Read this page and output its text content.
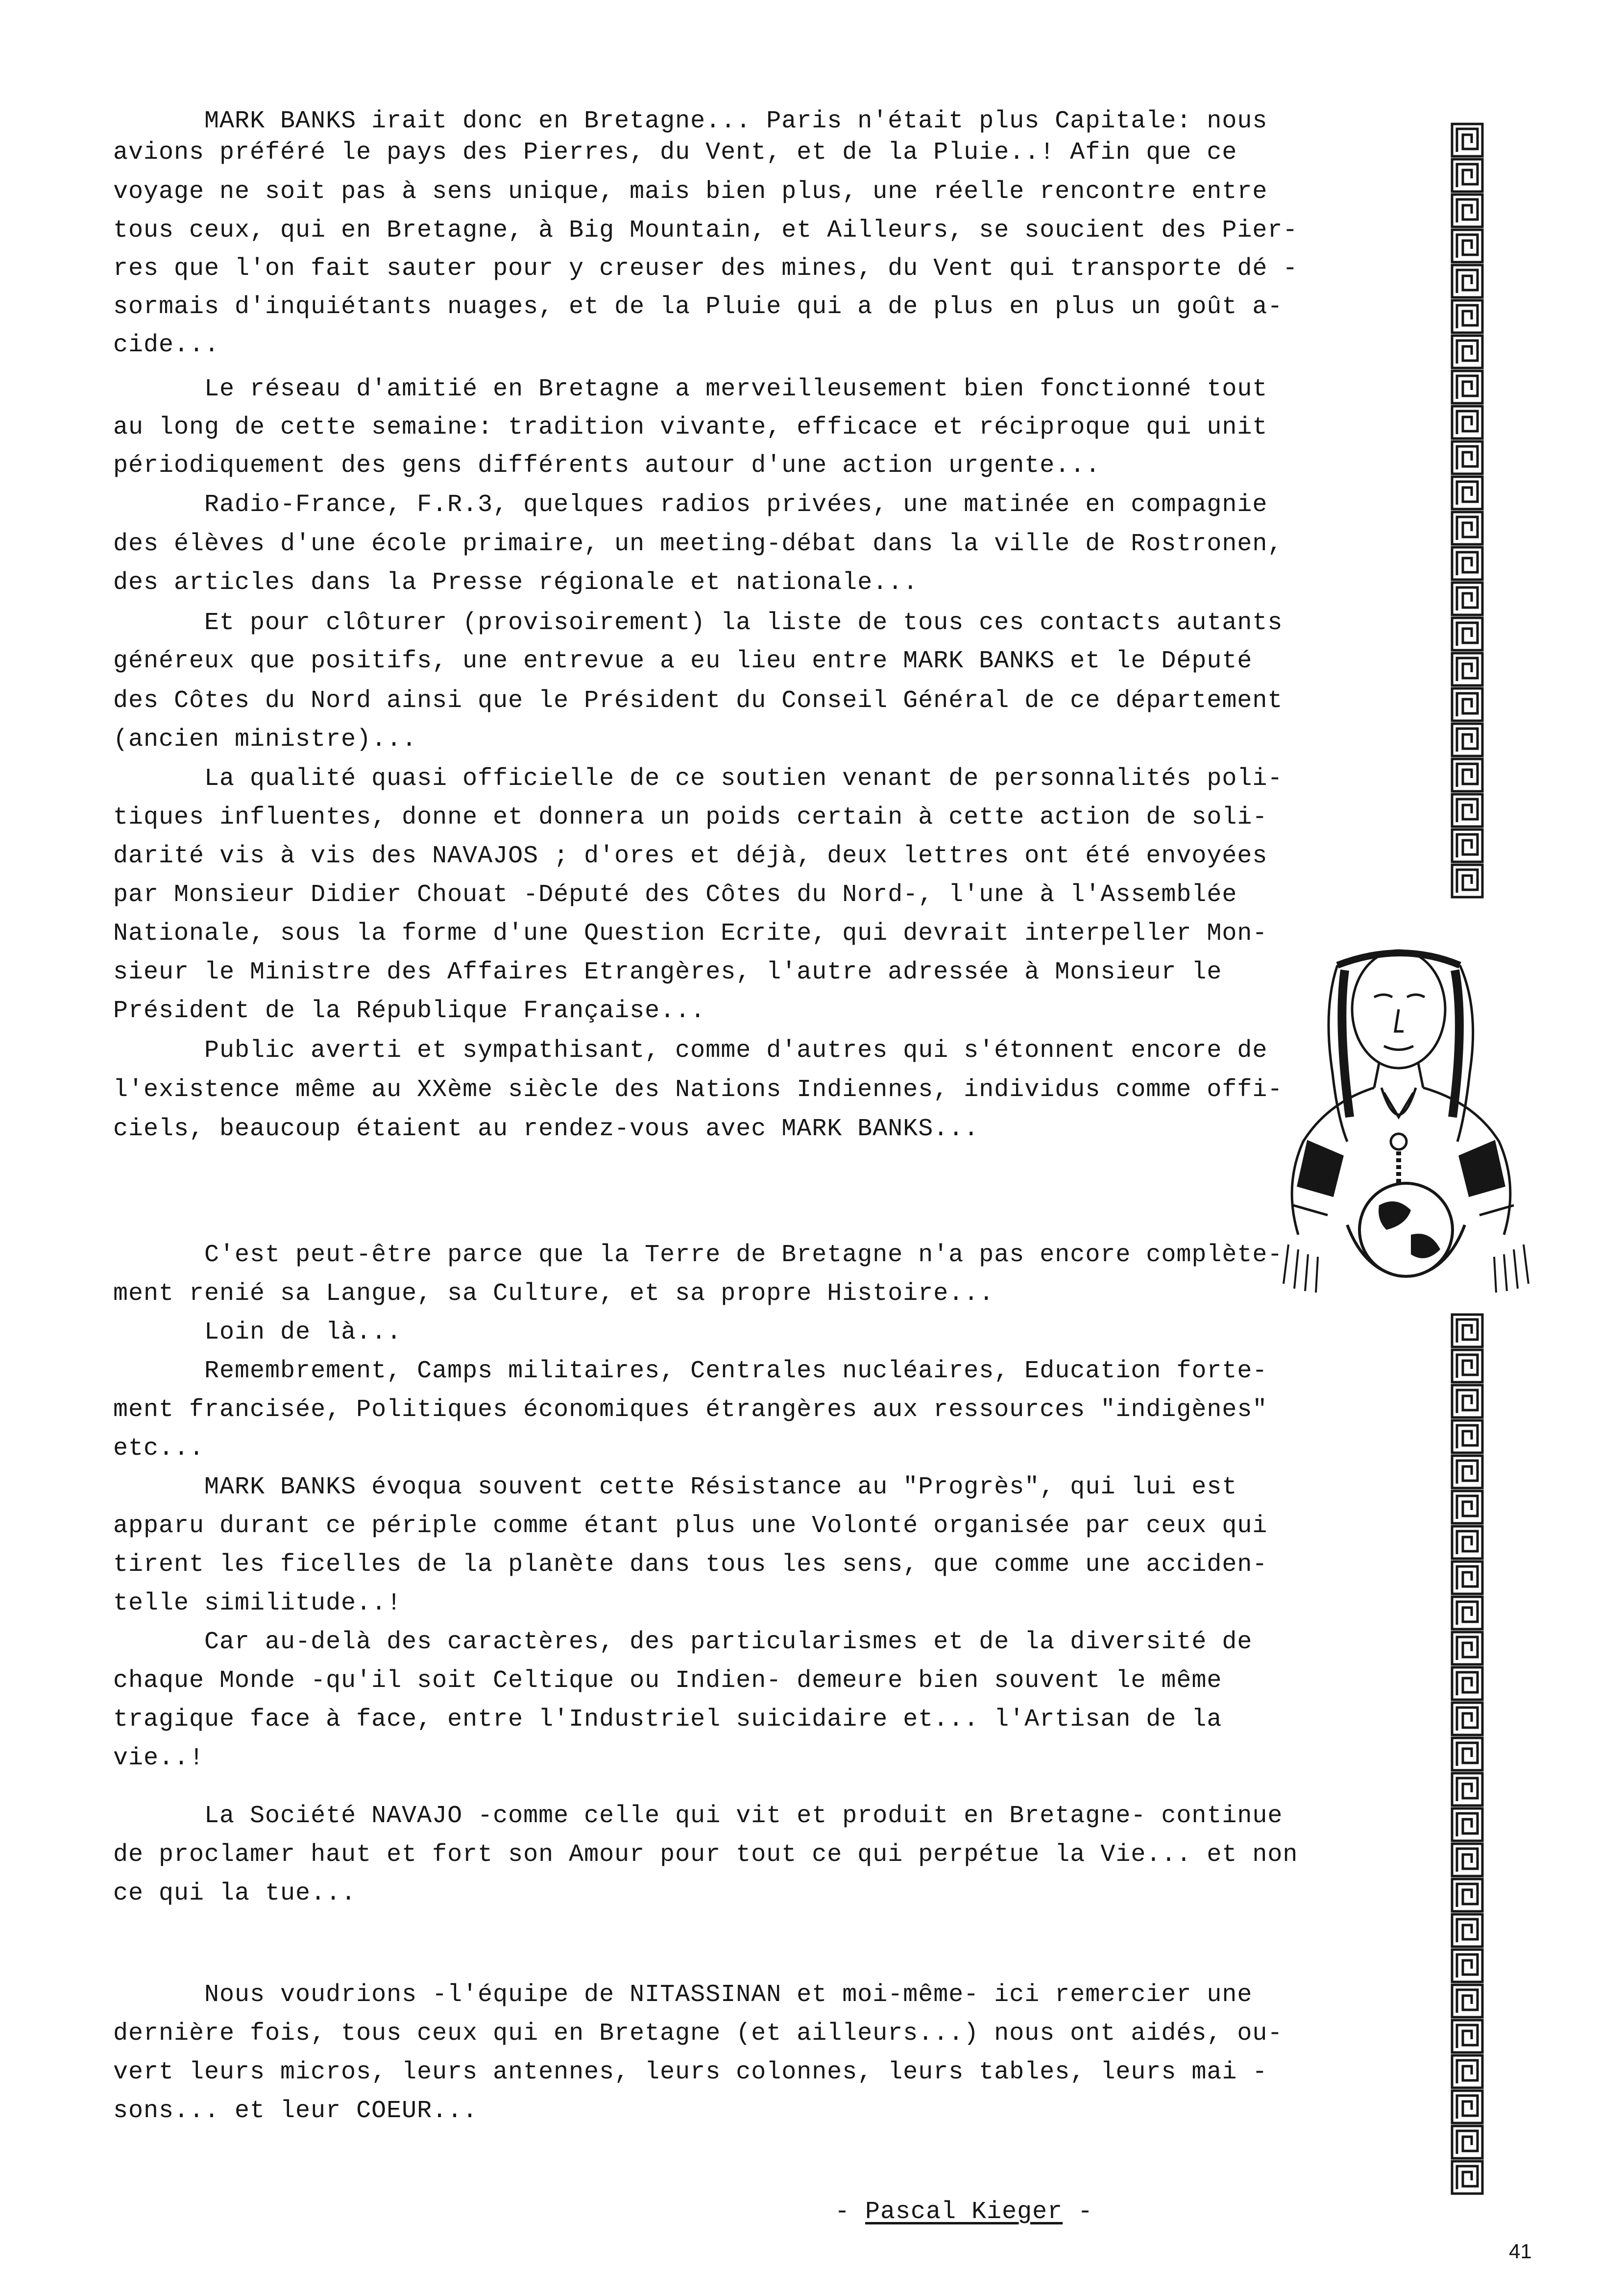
MARK BANKS irait donc en Bretagne... Paris n'était plus Capitale: nous
avions préféré le pays des Pierres, du Vent, et de la Pluie..! Afin que ce
voyage ne soit pas à sens unique, mais bien plus, une réelle rencontre entre
tous ceux, qui en Bretagne, à Big Mountain, et Ailleurs, se soucient des Pier-
res que l'on fait sauter pour y creuser des mines, du Vent qui transporte dé -
sormais d'inquiétants nuages, et de la Pluie qui a de plus en plus un goût a-
cide...
Le réseau d'amitié en Bretagne a merveilleusement bien fonctionné tout
au long de cette semaine: tradition vivante, efficace et réciproque qui unit
périodiquement des gens différents autour d'une action urgente...
Radio-France, F.R.3, quelques radios privées, une matinée en compagnie
des élèves d'une école primaire, un meeting-débat dans la ville de Rostronen,
des articles dans la Presse régionale et nationale...
Et pour clôturer (provisoirement) la liste de tous ces contacts autants
généreux que positifs, une entrevue a eu lieu entre MARK BANKS et le Député
des Côtes du Nord ainsi que le Président du Conseil Général de ce département
(ancien ministre)...
La qualité quasi officielle de ce soutien venant de personnalités poli-
tiques influentes, donne et donnera un poids certain à cette action de soli-
darité vis à vis des NAVAJOS ; d'ores et déjà, deux lettres ont été envoyées
par Monsieur Didier Chouat -Député des Côtes du Nord-, l'une à l'Assemblée
Nationale, sous la forme d'une Question Ecrite, qui devrait interpeller Mon-
sieur le Ministre des Affaires Etrangères, l'autre adressée à Monsieur le
Président de la République Française...
Public averti et sympathisant, comme d'autres qui s'étonnent encore de
l'existence même au XXème siècle des Nations Indiennes, individus comme offi-
ciels, beaucoup étaient au rendez-vous avec MARK BANKS...
C'est peut-être parce que la Terre de Bretagne n'a pas encore complète-
ment renié sa Langue, sa Culture, et sa propre Histoire...
Loin de là...
Remembrement, Camps militaires, Centrales nucléaires, Education forte-
ment francisée, Politiques économiques étrangères aux ressources "indigènes"
etc...
MARK BANKS évoqua souvent cette Résistance au "Progrès", qui lui est
apparu durant ce périple comme étant plus une Volonté organisée par ceux qui
tirent les ficelles de la planète dans tous les sens, que comme une acciden-
telle similitude..!
Car au-delà des caractères, des particularismes et de la diversité de
chaque Monde -qu'il soit Celtique ou Indien- demeure bien souvent le même
tragique face à face, entre l'Industriel suicidaire et... l'Artisan de la
vie..!
La Société NAVAJO -comme celle qui vit et produit en Bretagne- continue
de proclamer haut et fort son Amour pour tout ce qui perpétue la Vie... et non
ce qui la tue...
Nous voudrions -l'équipe de NITASSINAN et moi-même- ici remercier une
dernière fois, tous ceux qui en Bretagne (et ailleurs...) nous ont aidés, ou-
vert leurs micros, leurs antennes, leurs colonnes, leurs tables, leurs mai -
sons... et leur COEUR...

- Pascal Kieger -

41
